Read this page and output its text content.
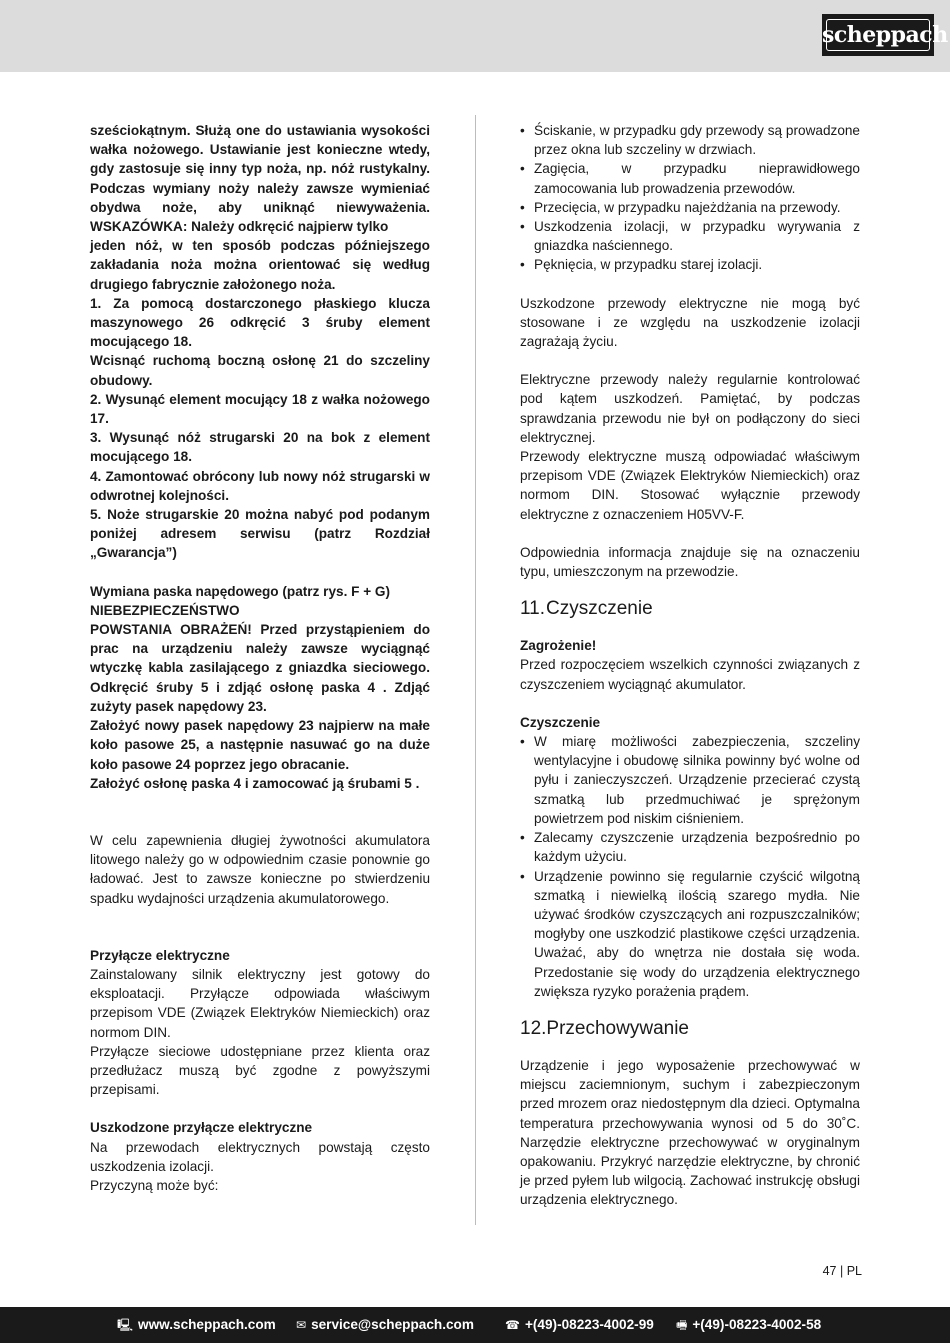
scheppach
sześciokątnym. Służą one do ustawiania wysokości wałka nożowego. Ustawianie jest konieczne wtedy, gdy zastosuje się inny typ noża, np. nóż rustykalny. Podczas wymiany noży należy zawsze wymieniać obydwa noże, aby uniknąć niewyważenia. WSKAZÓWKA: Należy odkręcić najpierw tylko
jeden nóż, w ten sposób podczas późniejszego zakładania noża można orientować się według drugiego fabrycznie założonego noża.
1. Za pomocą dostarczonego płaskiego klucza maszynowego 26 odkręcić 3 śruby element mocującego 18.
Wcisnąć ruchomą boczną osłonę 21 do szczeliny obudowy.
2. Wysunąć element mocujący 18 z wałka nożowego 17.
3. Wysunąć nóż strugarski 20 na bok z element mocującego 18.
4. Zamontować obrócony lub nowy nóż strugarski w odwrotnej kolejności.
5. Noże strugarskie 20 można nabyć pod podanym poniżej adresem serwisu (patrz Rozdział „Gwarancja”)
Wymiana paska napędowego (patrz rys. F + G)
NIEBEZPIECZEŃSTWO
POWSTANIA OBRAŻEŃ! Przed przystąpieniem do prac na urządzeniu należy zawsze wyciągnąć wtyczkę kabla zasilającego z gniazdka sieciowego. Odkręcić śruby 5 i zdjąć osłonę paska 4 . Zdjąć zużyty pasek napędowy 23.
Założyć nowy pasek napędowy 23 najpierw na małe koło pasowe 25, a następnie nasuwać go na duże koło pasowe 24 poprzez jego obracanie.
Założyć osłonę paska 4 i zamocować ją śrubami 5 .
W celu zapewnienia długiej żywotności akumulatora litowego należy go w odpowiednim czasie ponownie go ładować. Jest to zawsze konieczne po stwierdzeniu spadku wydajności urządzenia akumulatorowego.
Przyłącze elektryczne
Zainstalowany silnik elektryczny jest gotowy do eksploatacji. Przyłącze odpowiada właściwym przepisom VDE (Związek Elektryków Niemieckich) oraz normom DIN.
Przyłącze sieciowe udostępniane przez klienta oraz przedłużacz muszą być zgodne z powyższymi przepisami.
Uszkodzone przyłącze elektryczne
Na przewodach elektrycznych powstają często uszkodzenia izolacji.
Przyczyną może być:
• Ściskanie, w przypadku gdy przewody są prowadzone przez okna lub szczeliny w drzwiach.
• Zagięcia, w przypadku nieprawidłowego zamocowania lub prowadzenia przewodów.
• Przecięcia, w przypadku najeżdżania na przewody.
• Uszkodzenia izolacji, w przypadku wyrywania z gniazdka naściennego.
• Pęknięcia, w przypadku starej izolacji.
Uszkodzone przewody elektryczne nie mogą być stosowane i ze względu na uszkodzenie izolacji zagrażają życiu.
Elektryczne przewody należy regularnie kontrolować pod kątem uszkodzeń. Pamiętać, by podczas sprawdzania przewodu nie był on podłączony do sieci elektrycznej.
Przewody elektryczne muszą odpowiadać właściwym przepisom VDE (Związek Elektryków Niemieckich) oraz normom DIN. Stosować wyłącznie przewody elektryczne z oznaczeniem H05VV-F.
Odpowiednia informacja znajduje się na oznaczeniu typu, umieszczonym na przewodzie.
11.Czyszczenie
Zagrożenie!
Przed rozpoczęciem wszelkich czynności związanych z czyszczeniem wyciągnąć akumulator.
Czyszczenie
• W miarę możliwości zabezpieczenia, szczeliny wentylacyjne i obudowę silnika powinny być wolne od pyłu i zanieczyszczeń. Urządzenie przecierać czystą szmatką lub przedmuchiwać je sprężonym powietrzem pod niskim ciśnieniem.
• Zalecamy czyszczenie urządzenia bezpośrednio po każdym użyciu.
• Urządzenie powinno się regularnie czyścić wilgotną szmatką i niewielką ilością szarego mydła. Nie używać środków czyszczących ani rozpuszczalników; mogłyby one uszkodzić plastikowe części urządzenia. Uważać, aby do wnętrza nie dostała się woda. Przedostanie się wody do urządzenia elektrycznego zwiększa ryzyko porażenia prądem.
12.Przechowywanie
Urządzenie i jego wyposażenie przechowywać w miejscu zaciemnionym, suchym i zabezpieczonym przed mrozem oraz niedostępnym dla dzieci. Optymalna temperatura przechowywania wynosi od 5 do 30˚C. Narzędzie elektryczne przechowywać w oryginalnym opakowaniu. Przykryć narzędzie elektryczne, by chronić je przed pyłem lub wilgocią. Zachować instrukcję obsługi urządzenia elektrycznego.
47 | PL
🖳 www.scheppach.com ✉ service@scheppach.com	☎ +(49)-08223-4002-99 🖷 +(49)-08223-4002-58
